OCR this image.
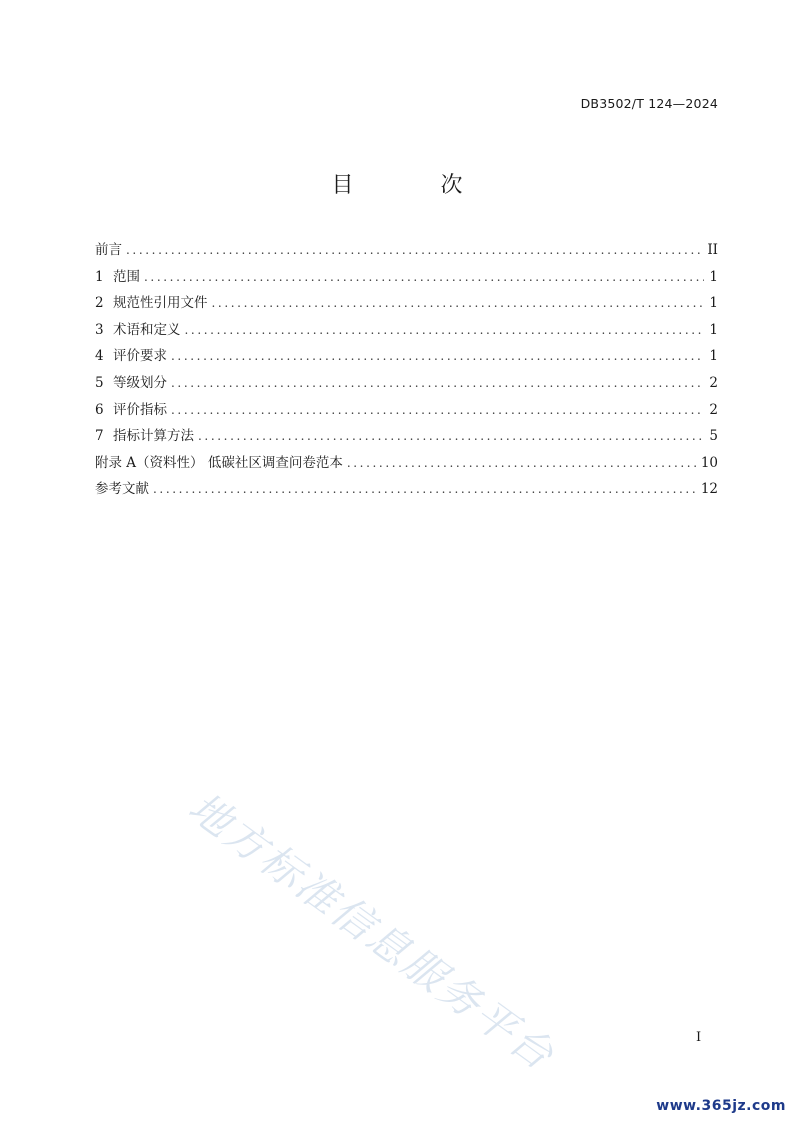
DB3502/T 124—2024
目 次
前言 .....	II
1 范围 .....	1
2 规范性引用文件 .....	1
3 术语和定义 .....	1
4 评价要求 .....	1
5 等级划分 .....	2
6 评价指标 .....	2
7 指标计算方法 .....	5
附录 A（资料性） 低碳社区调查问卷范本 .....	10
参考文献 .....	12
地方标准信息服务平台	I
www.365jz.com
